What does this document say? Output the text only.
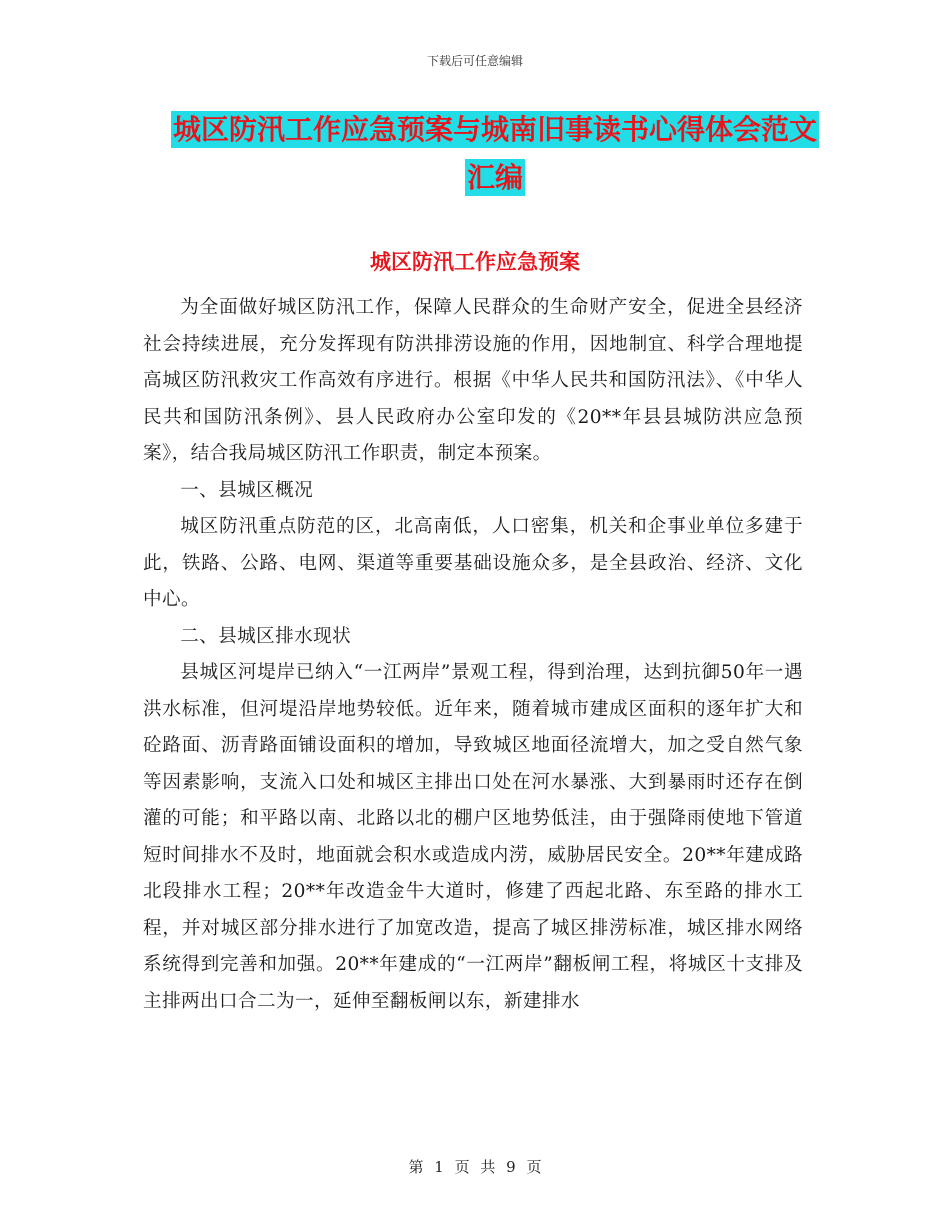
下载后可任意编辑
城区防汛工作应急预案与城南旧事读书心得体会范文
汇编
城区防汛工作应急预案

为全面做好城区防汛工作，保障人民群众的生命财产安全，促进全县经济社会持续进展，充分发挥现有防洪排涝设施的作用，因地制宜、科学合理地提高城区防汛救灾工作高效有序进行。根据《中华人民共和国防汛法》、《中华人民共和国防汛条例》、县人民政府办公室印发的《20**年县县城防洪应急预案》，结合我局城区防汛工作职责，制定本预案。

一、县城区概况

城区防汛重点防范的区，北高南低，人口密集，机关和企事业单位多建于此，铁路、公路、电网、渠道等重要基础设施众多，是全县政治、经济、文化中心。

二、县城区排水现状

县城区河堤岸已纳入“一江两岸”景观工程，得到治理，达到抗御50年一遇洪水标准，但河堤沿岸地势较低。近年来，随着城市建成区面积的逐年扩大和砼路面、沥青路面铺设面积的增加，导致城区地面径流增大，加之受自然气象等因素影响，支流入口处和城区主排出口处在河水暴涨、大到暴雨时还存在倒灌的可能；和平路以南、北路以北的棚户区地势低洼，由于强降雨使地下管道短时间排水不及时，地面就会积水或造成内涝，威胁居民安全。20**年建成路北段排水工程；20**年改造金牛大道时，修建了西起北路、东至路的排水工程，并对城区部分排水进行了加宽改造，提高了城区排涝标准，城区排水网络系统得到完善和加强。20**年建成的“一江两岸”翻板闸工程，将城区十支排及主排两出口合二为一，延伸至翻板闸以东，新建排水

第 1 页 共 9 页
